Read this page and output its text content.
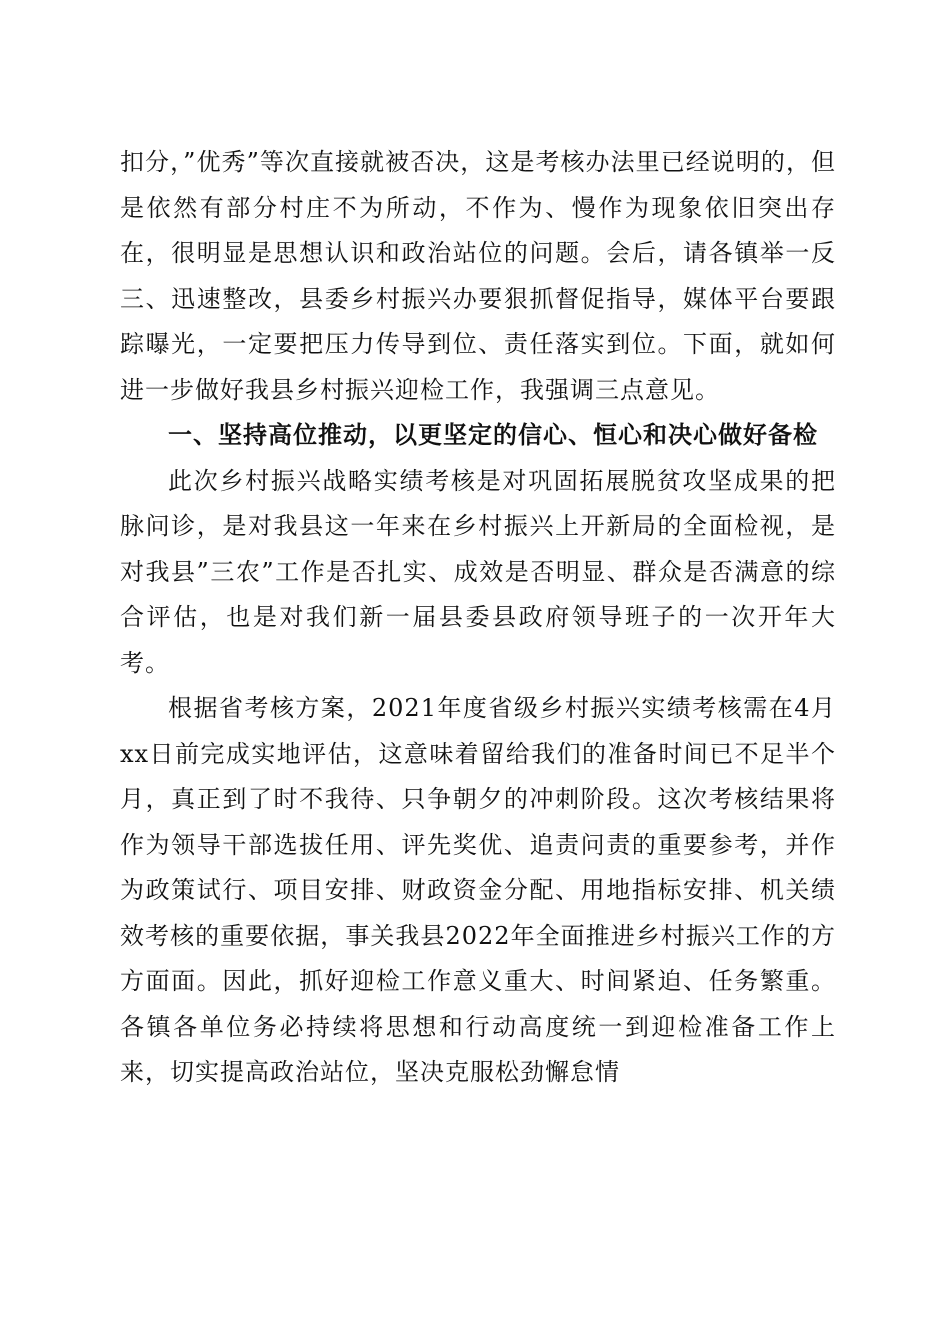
扣分，”优秀”等次直接就被否决，这是考核办法里已经说明的，但是依然有部分村庄不为所动，不作为、慢作为现象依旧突出存在，很明显是思想认识和政治站位的问题。会后，请各镇举一反三、迅速整改，县委乡村振兴办要狠抓督促指导，媒体平台要跟踪曝光，一定要把压力传导到位、责任落实到位。下面，就如何进一步做好我县乡村振兴迎检工作，我强调三点意见。

一、坚持高位推动，以更坚定的信心、恒心和决心做好备检

此次乡村振兴战略实绩考核是对巩固拓展脱贫攻坚成果的把脉问诊，是对我县这一年来在乡村振兴上开新局的全面检视，是对我县”三农”工作是否扎实、成效是否明显、群众是否满意的综合评估，也是对我们新一届县委县政府领导班子的一次开年大考。

根据省考核方案，2021年度省级乡村振兴实绩考核需在4月xx日前完成实地评估，这意味着留给我们的准备时间已不足半个月，真正到了时不我待、只争朝夕的冲刺阶段。这次考核结果将作为领导干部选拔任用、评先奖优、追责问责的重要参考，并作为政策试行、项目安排、财政资金分配、用地指标安排、机关绩效考核的重要依据，事关我县2022年全面推进乡村振兴工作的方方面面。因此，抓好迎检工作意义重大、时间紧迫、任务繁重。各镇各单位务必持续将思想和行动高度统一到迎检准备工作上来，切实提高政治站位，坚决克服松劲懈怠情
